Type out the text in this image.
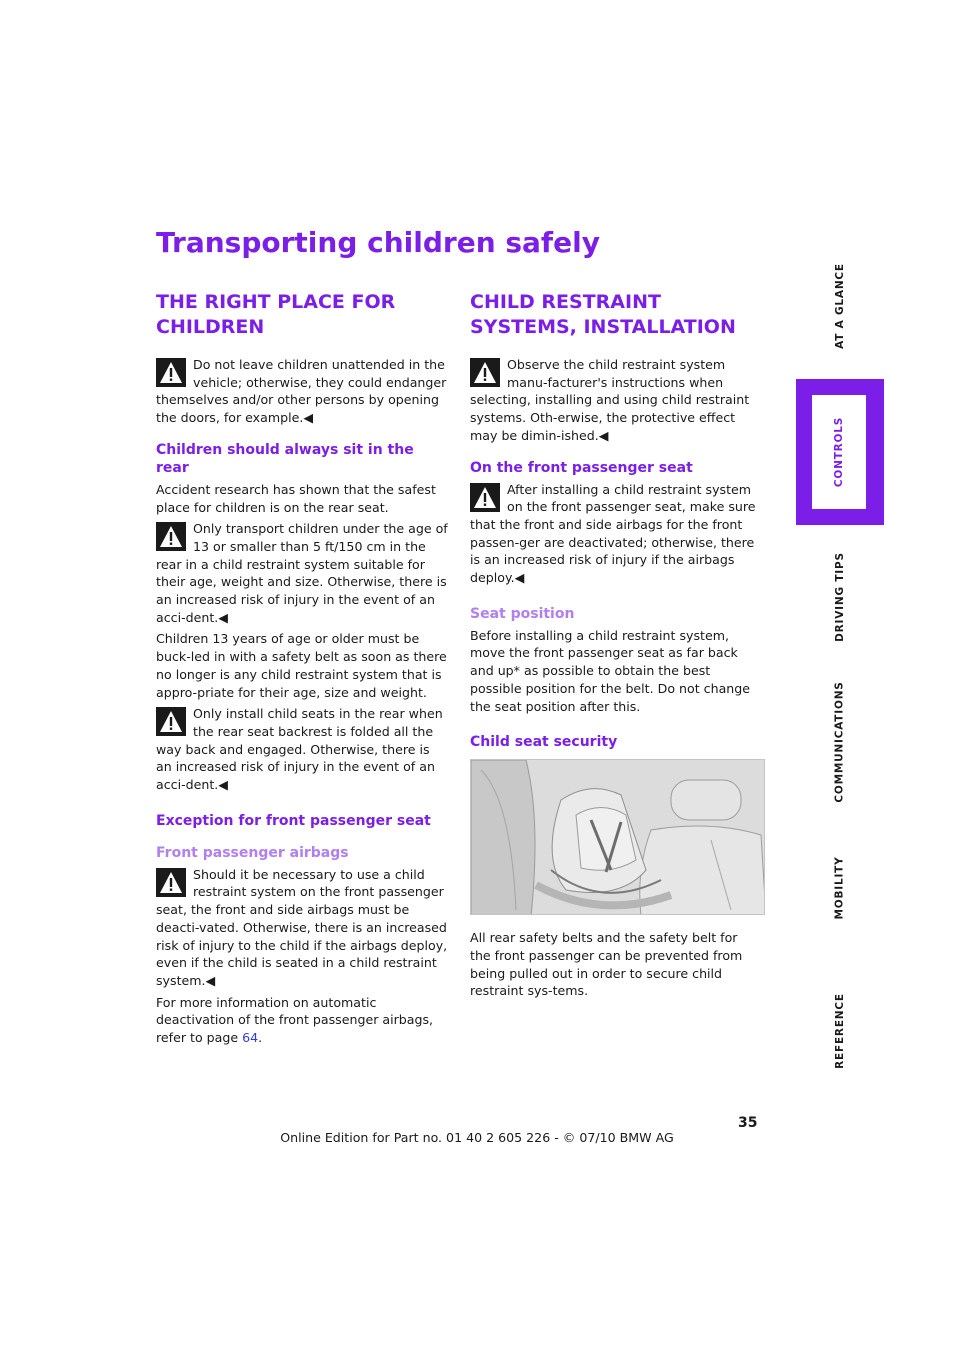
Transporting children safely
THE RIGHT PLACE FOR CHILDREN

Do not leave children unattended in the vehicle; otherwise, they could endanger themselves and/or other persons by opening the doors, for example.◀

Children should always sit in the rear

Accident research has shown that the safest place for children is on the rear seat.

Only transport children under the age of 13 or smaller than 5 ft/150 cm in the rear in a child restraint system suitable for their age, weight and size. Otherwise, there is an increased risk of injury in the event of an acci-dent.◀

Children 13 years of age or older must be buck-led in with a safety belt as soon as there no longer is any child restraint system that is appro-priate for their age, size and weight.

Only install child seats in the rear when the rear seat backrest is folded all the way back and engaged. Otherwise, there is an increased risk of injury in the event of an acci-dent.◀

Exception for front passenger seat
Front passenger airbags

Should it be necessary to use a child restraint system on the front passenger seat, the front and side airbags must be deacti-vated. Otherwise, there is an increased risk of injury to the child if the airbags deploy, even if the child is seated in a child restraint system.◀

For more information on automatic deactivation of the front passenger airbags, refer to page 64.

CHILD RESTRAINT SYSTEMS, INSTALLATION

Observe the child restraint system manu-facturer's instructions when selecting, installing and using child restraint systems. Oth-erwise, the protective effect may be dimin-ished.◀

On the front passenger seat

After installing a child restraint system on the front passenger seat, make sure that the front and side airbags for the front passen-ger are deactivated; otherwise, there is an increased risk of injury if the airbags deploy.◀

Seat position

Before installing a child restraint system, move the front passenger seat as far back and up* as possible to obtain the best possible position for the belt. Do not change the seat position after this.

Child seat security

All rear safety belts and the safety belt for the front passenger can be prevented from being pulled out in order to secure child restraint sys-tems.

AT A GLANCE
CONTROLS
DRIVING TIPS
COMMUNICATIONS
MOBILITY
REFERENCE
35
Online Edition for Part no. 01 40 2 605 226 - © 07/10 BMW AG
